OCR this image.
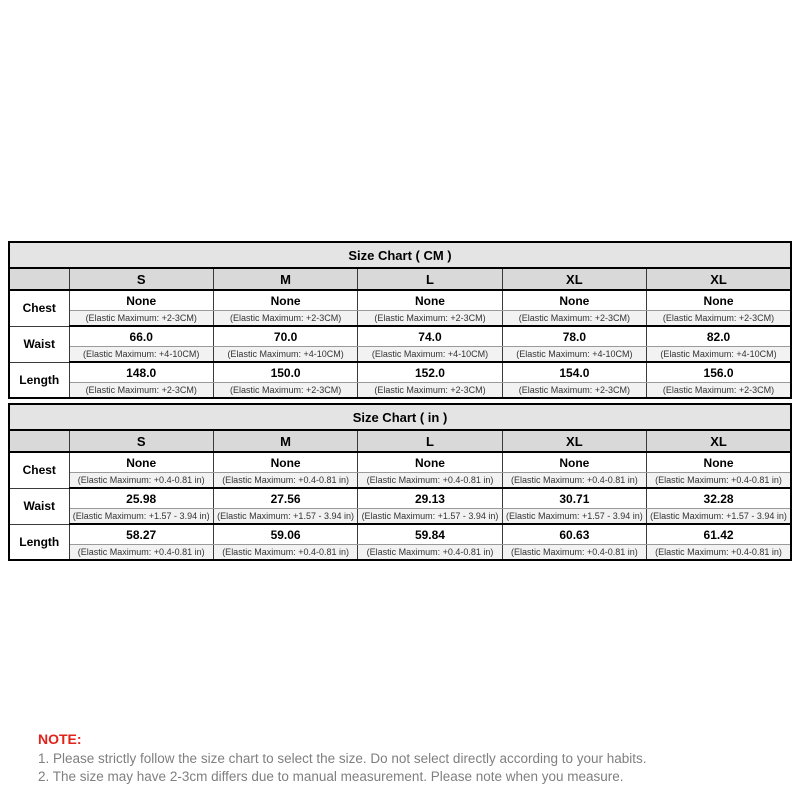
Size Chart ( CM )					
	S	M	L	XL	XL
Chest	None	None	None	None	None
	(Elastic Maximum: +2-3CM)	(Elastic Maximum: +2-3CM)	(Elastic Maximum: +2-3CM)	(Elastic Maximum: +2-3CM)	(Elastic Maximum: +2-3CM)
Waist	66.0	70.0	74.0	78.0	82.0
	(Elastic Maximum: +4-10CM)	(Elastic Maximum: +4-10CM)	(Elastic Maximum: +4-10CM)	(Elastic Maximum: +4-10CM)	(Elastic Maximum: +4-10CM)
Length	148.0	150.0	152.0	154.0	156.0
	(Elastic Maximum: +2-3CM)	(Elastic Maximum: +2-3CM)	(Elastic Maximum: +2-3CM)	(Elastic Maximum: +2-3CM)	(Elastic Maximum: +2-3CM)
Size Chart ( in )					
	S	M	L	XL	XL
Chest	None	None	None	None	None
	(Elastic Maximum: +0.4-0.81 in)	(Elastic Maximum: +0.4-0.81 in)	(Elastic Maximum: +0.4-0.81 in)	(Elastic Maximum: +0.4-0.81 in)	(Elastic Maximum: +0.4-0.81 in)
Waist	25.98	27.56	29.13	30.71	32.28
	(Elastic Maximum: +1.57 - 3.94 in)	(Elastic Maximum: +1.57 - 3.94 in)	(Elastic Maximum: +1.57 - 3.94 in)	(Elastic Maximum: +1.57 - 3.94 in)	(Elastic Maximum: +1.57 - 3.94 in)
Length	58.27	59.06	59.84	60.63	61.42
	(Elastic Maximum: +0.4-0.81 in)	(Elastic Maximum: +0.4-0.81 in)	(Elastic Maximum: +0.4-0.81 in)	(Elastic Maximum: +0.4-0.81 in)	(Elastic Maximum: +0.4-0.81 in)

NOTE:

1. Please strictly follow the size chart to select the size. Do not select directly according to your habits.

2. The size may have 2-3cm differs due to manual measurement. Please note when you measure.
